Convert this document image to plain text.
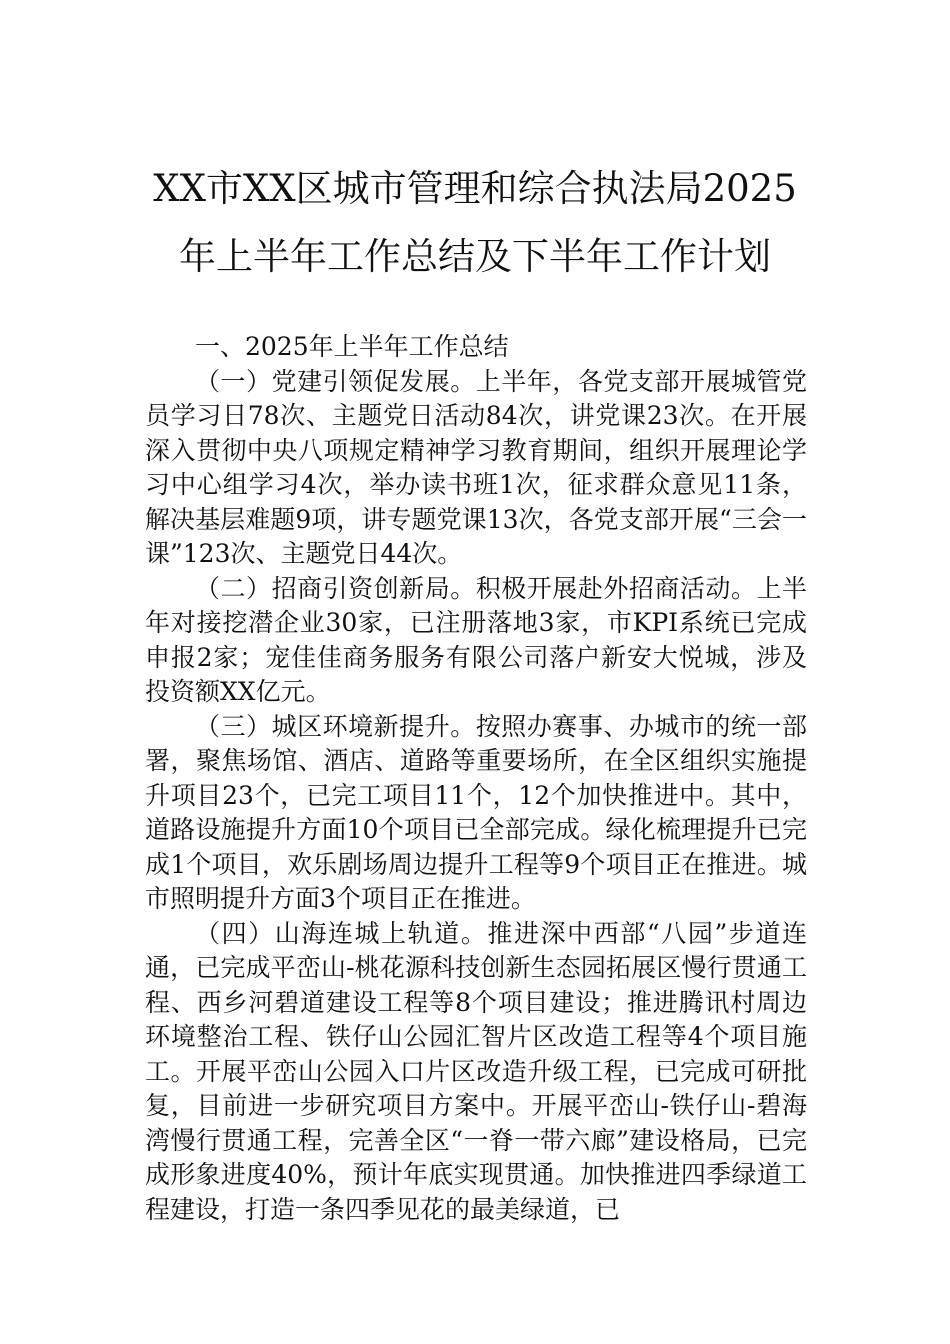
XX市XX区城市管理和综合执法局2025
年上半年工作总结及下半年工作计划

一、2025年上半年工作总结

（一）党建引领促发展。上半年，各党支部开展城管党员学习日78次、主题党日活动84次，讲党课23次。在开展深入贯彻中央八项规定精神学习教育期间，组织开展理论学习中心组学习4次，举办读书班1次，征求群众意见11条，解决基层难题9项，讲专题党课13次，各党支部开展“三会一课”123次、主题党日44次。

（二）招商引资创新局。积极开展赴外招商活动。上半年对接挖潜企业30家，已注册落地3家，市KPI系统已完成申报2家；宠佳佳商务服务有限公司落户新安大悦城，涉及投资额XX亿元。

（三）城区环境新提升。按照办赛事、办城市的统一部署，聚焦场馆、酒店、道路等重要场所，在全区组织实施提升项目23个，已完工项目11个，12个加快推进中。其中，道路设施提升方面10个项目已全部完成。绿化梳理提升已完成1个项目，欢乐剧场周边提升工程等9个项目正在推进。城市照明提升方面3个项目正在推进。

（四）山海连城上轨道。推进深中西部“八园”步道连通，已完成平峦山-桃花源科技创新生态园拓展区慢行贯通工程、西乡河碧道建设工程等8个项目建设；推进腾讯村周边环境整治工程、铁仔山公园汇智片区改造工程等4个项目施工。开展平峦山公园入口片区改造升级工程，已完成可研批复，目前进一步研究项目方案中。开展平峦山-铁仔山-碧海湾慢行贯通工程，完善全区“一脊一带六廊”建设格局，已完成形象进度40%，预计年底实现贯通。加快推进四季绿道工程建设，打造一条四季见花的最美绿道，已
